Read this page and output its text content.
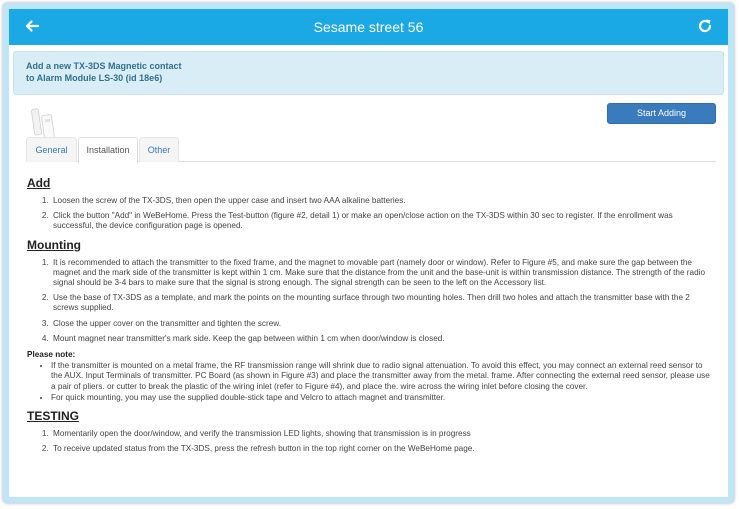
Sesame street 56
Add a new TX-3DS Magnetic contact
to Alarm Module LS-30 (id 18e6)
Start Adding
General	Installation	Other
Add
1. Loosen the screw of the TX-3DS, then open the upper case and insert two AAA alkaline batteries.
2. Click the button "Add" in WeBeHome. Press the Test-button (figure #2, detail 1) or make an open/close action on the TX-3DS within 30 sec to register. If the enrollment was successful, the device configuration page is opened.
Mounting
1. It is recommended to attach the transmitter to the fixed frame, and the magnet to movable part (namely door or window). Refer to Figure #5, and make sure the gap between the magnet and the mark side of the transmitter is kept within 1 cm. Make sure that the distance from the unit and the base-unit is within transmission distance. The strength of the radio signal should be 3-4 bars to make sure that the signal is strong enough. The signal strength can be seen to the left on the Accessory list.
2. Use the base of TX-3DS as a template, and mark the points on the mounting surface through two mounting holes. Then drill two holes and attach the transmitter base with the 2 screws supplied.
3. Close the upper cover on the transmitter and tighten the screw.
4. Mount magnet near transmitter's mark side. Keep the gap between within 1 cm when door/window is closed.
Please note:
• If the transmitter is mounted on a metal frame, the RF transmission range will shrink due to radio signal attenuation. To avoid this effect, you may connect an external reed sensor to the AUX. Input Terminals of transmitter. PC Board (as shown in Figure #3) and place the transmitter away from the metal. frame. After connecting the external reed sensor, please use a pair of pliers. or cutter to break the plastic of the wiring inlet (refer to Figure #4), and place the. wire across the wiring inlet before closing the cover.
• For quick mounting, you may use the supplied double-stick tape and Velcro to attach magnet and transmitter.
TESTING
1. Momentarily open the door/window, and verify the transmission LED lights, showing that transmission is in progress
2. To receive updated status from the TX-3DS, press the refresh button in the top right corner on the WeBeHome page.
